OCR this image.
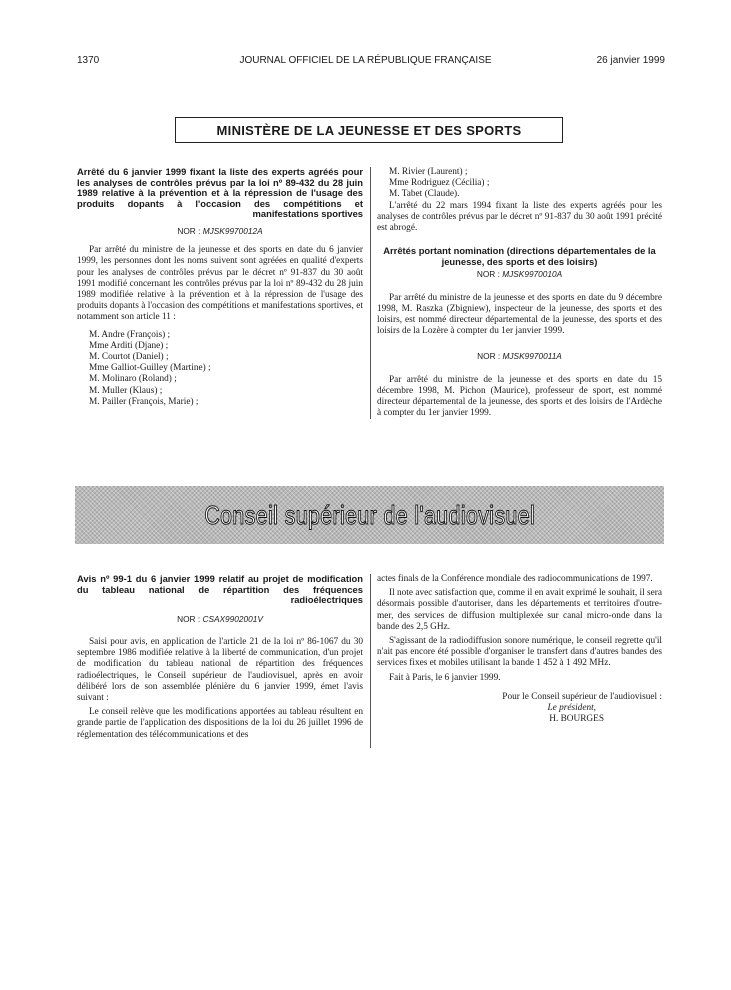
1370	JOURNAL OFFICIEL DE LA RÉPUBLIQUE FRANÇAISE	26 janvier 1999
MINISTÈRE DE LA JEUNESSE ET DES SPORTS
Arrêté du 6 janvier 1999 fixant la liste des experts agréés pour les analyses de contrôles prévus par la loi nº 89-432 du 28 juin 1989 relative à la prévention et à la répression de l'usage des produits dopants à l'occasion des compétitions et manifestations sportives
NOR : MJSK9970012A

Par arrêté du ministre de la jeunesse et des sports en date du 6 janvier 1999, les personnes dont les noms suivent sont agréées en qualité d'experts pour les analyses de contrôles prévus par le décret nº 91-837 du 30 août 1991 modifié concernant les contrôles prévus par la loi nº 89-432 du 28 juin 1989 modifiée relative à la prévention et à la répression de l'usage des produits dopants à l'occasion des compétitions et manifestations sportives, et notamment son article 11 :

M. Andre (François) ;

Mme Arditi (Djane) ;

M. Courtot (Daniel) ;

Mme Galliot-Guilley (Martine) ;

M. Molinaro (Roland) ;

M. Muller (Klaus) ;

M. Pailler (François, Marie) ;

M. Rivier (Laurent) ;

Mme Rodriguez (Cécilia) ;

M. Tabet (Claude).

L'arrêté du 22 mars 1994 fixant la liste des experts agréés pour les analyses de contrôles prévus par le décret nº 91-837 du 30 août 1991 précité est abrogé.

Arrêtés portant nomination (directions départementales de la jeunesse, des sports et des loisirs)
NOR : MJSK9970010A

Par arrêté du ministre de la jeunesse et des sports en date du 9 décembre 1998, M. Raszka (Zbigniew), inspecteur de la jeunesse, des sports et des loisirs, est nommé directeur départemental de la jeunesse, des sports et des loisirs de la Lozère à compter du 1er janvier 1999.

NOR : MJSK9970011A

Par arrêté du ministre de la jeunesse et des sports en date du 15 décembre 1998, M. Pichon (Maurice), professeur de sport, est nommé directeur départemental de la jeunesse, des sports et des loisirs de l'Ardèche à compter du 1er janvier 1999.

Conseil supérieur de l'audiovisuel
Avis nº 99-1 du 6 janvier 1999 relatif au projet de modification du tableau national de répartition des fréquences radioélectriques
NOR : CSAX9902001V

Saisi pour avis, en application de l'article 21 de la loi nº 86-1067 du 30 septembre 1986 modifiée relative à la liberté de communication, d'un projet de modification du tableau national de répartition des fréquences radioélectriques, le Conseil supérieur de l'audiovisuel, après en avoir délibéré lors de son assemblée plénière du 6 janvier 1999, émet l'avis suivant :

Le conseil relève que les modifications apportées au tableau résultent en grande partie de l'application des dispositions de la loi du 26 juillet 1996 de réglementation des télécommunications et des

actes finals de la Conférence mondiale des radiocommunications de 1997.

Il note avec satisfaction que, comme il en avait exprimé le souhait, il sera désormais possible d'autoriser, dans les départements et territoires d'outre-mer, des services de diffusion multiplexée sur canal micro-onde dans la bande des 2,5 GHz.

S'agissant de la radiodiffusion sonore numérique, le conseil regrette qu'il n'ait pas encore été possible d'organiser le transfert dans d'autres bandes des services fixes et mobiles utilisant la bande 1 452 à 1 492 MHz.

Fait à Paris, le 6 janvier 1999.

Pour le Conseil supérieur de l'audiovisuel :

Le président,

H. BOURGES
